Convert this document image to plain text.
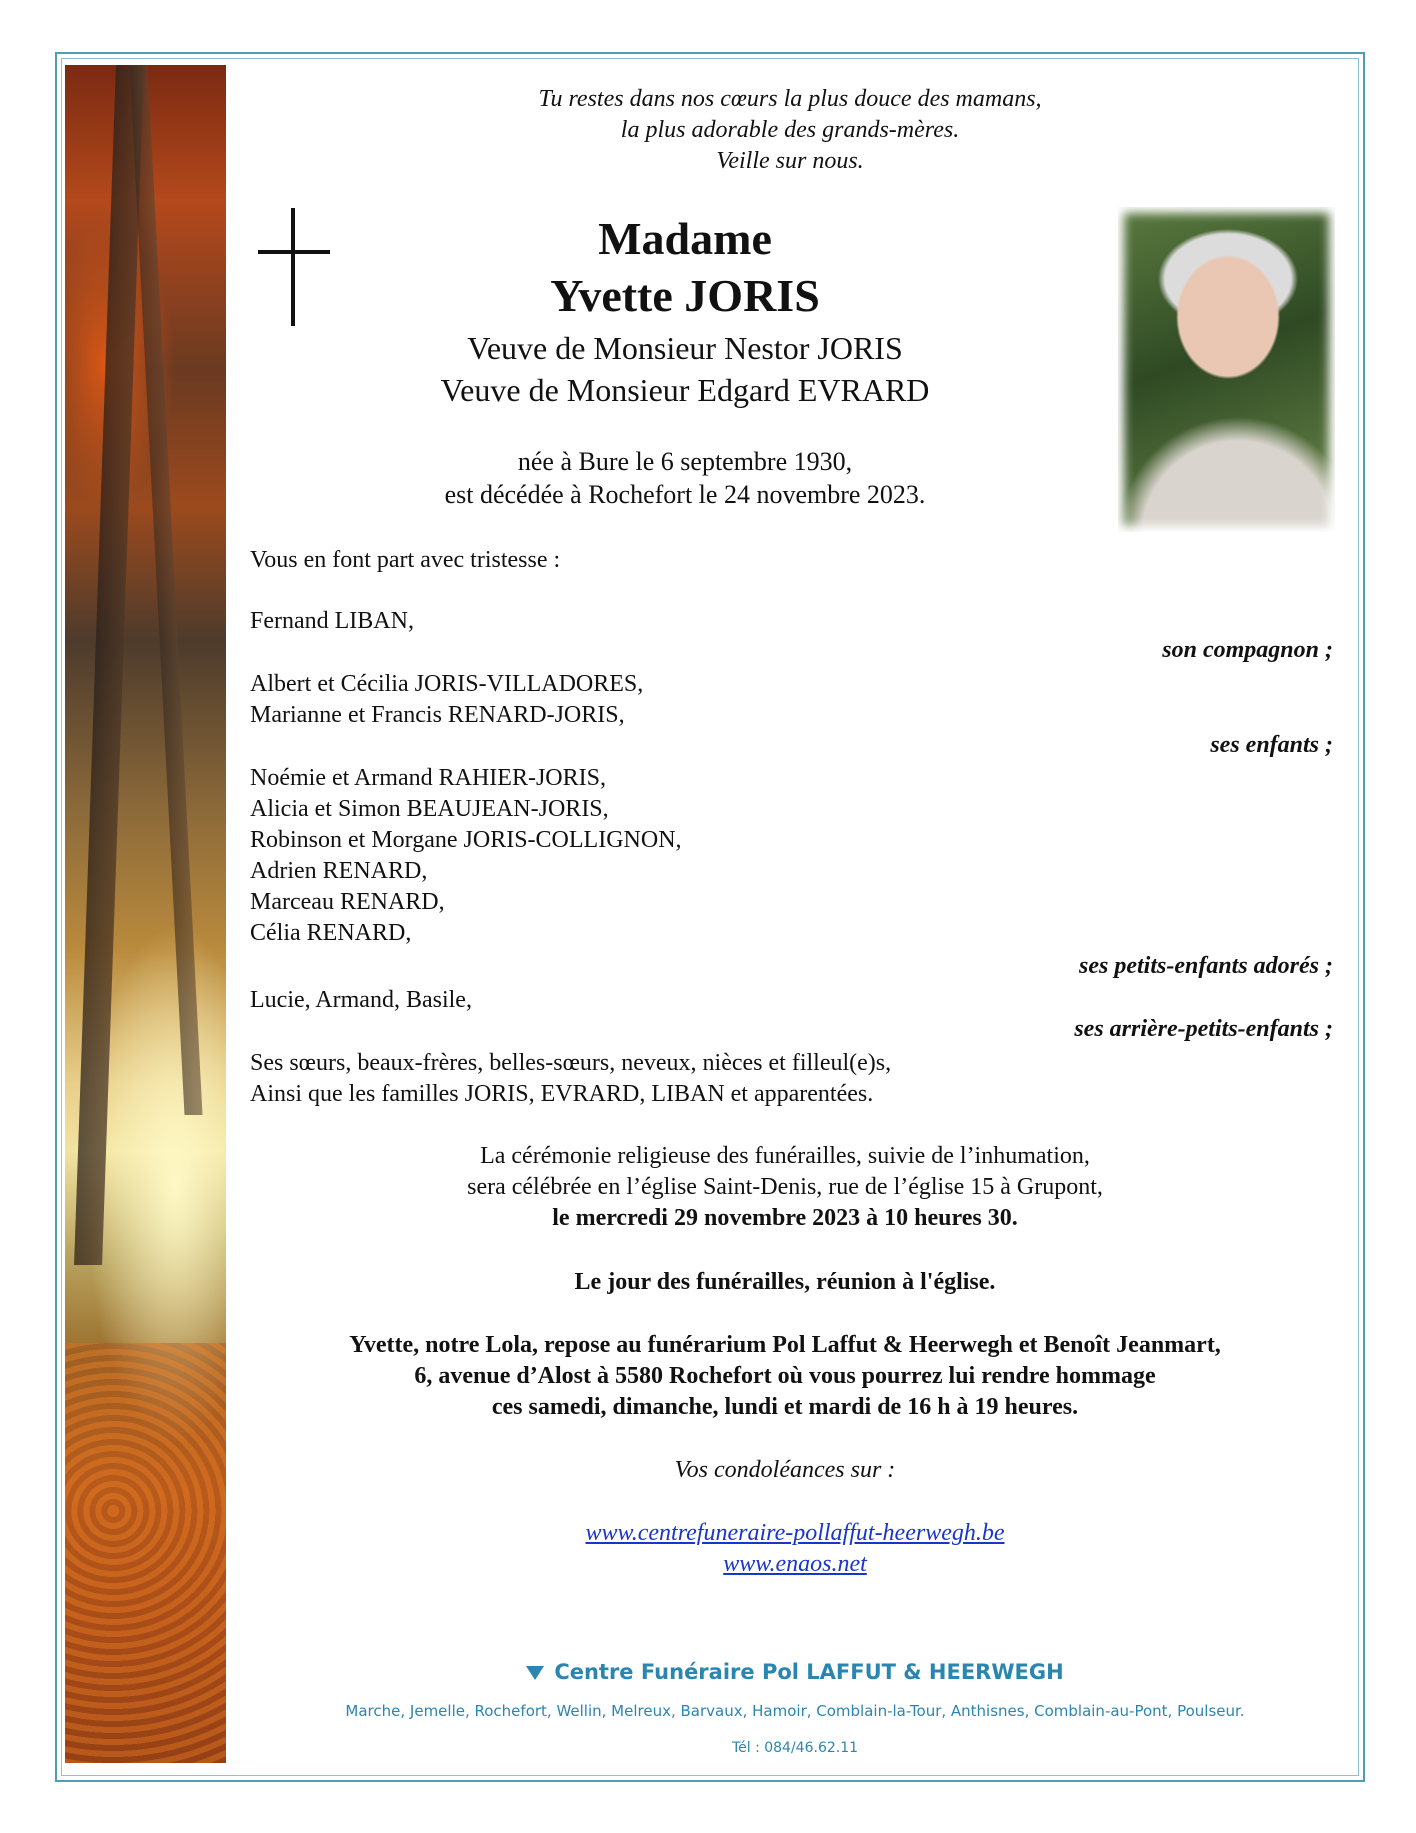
Tu restes dans nos cœurs la plus douce des mamans,
la plus adorable des grands-mères.
Veille sur nous.
Madame
Yvette JORIS
Veuve de Monsieur Nestor JORIS
Veuve de Monsieur Edgard EVRARD
née à Bure le 6 septembre 1930,
est décédée à Rochefort le 24 novembre 2023.
Vous en font part avec tristesse :
Fernand LIBAN,
son compagnon ;
Albert et Cécilia JORIS-VILLADORES,
Marianne et Francis RENARD-JORIS,
ses enfants ;
Noémie et Armand RAHIER-JORIS,
Alicia et Simon BEAUJEAN-JORIS,
Robinson et Morgane JORIS-COLLIGNON,
Adrien RENARD,
Marceau RENARD,
Célia RENARD,
ses petits-enfants adorés ;
Lucie, Armand, Basile,
ses arrière-petits-enfants ;
Ses sœurs, beaux-frères, belles-sœurs, neveux, nièces et filleul(e)s,
Ainsi que les familles JORIS, EVRARD, LIBAN et apparentées.
La cérémonie religieuse des funérailles, suivie de l’inhumation,
sera célébrée en l’église Saint-Denis, rue de l’église 15 à Grupont,
le mercredi 29 novembre 2023 à 10 heures 30.
Le jour des funérailles, réunion à l'église.
Yvette, notre Lola, repose au funérarium Pol Laffut & Heerwegh et Benoît Jeanmart,
6, avenue d’Alost à 5580 Rochefort où vous pourrez lui rendre hommage
ces samedi, dimanche, lundi et mardi de 16 h à 19 heures.
Vos condoléances sur :
www.centrefuneraire-pollaffut-heerwegh.be
www.enaos.net
Centre Funéraire Pol LAFFUT & HEERWEGH
Marche, Jemelle, Rochefort, Wellin, Melreux, Barvaux, Hamoir, Comblain-la-Tour, Anthisnes, Comblain-au-Pont, Poulseur.
Tél : 084/46.62.11
